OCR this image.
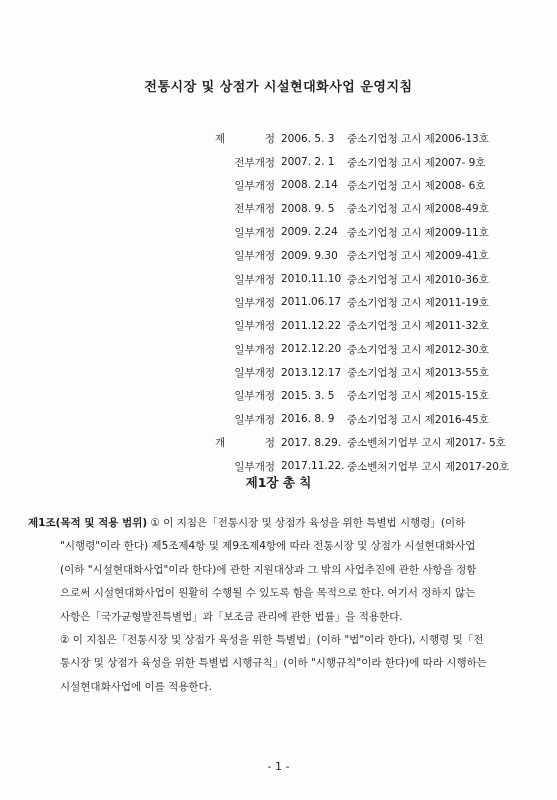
전통시장 및 상점가 시설현대화사업 운영지침
제 정 2006. 5. 3	중소기업청 고시 제2006-13호
전부개정 2007. 2. 1	중소기업청 고시 제2007- 9호
일부개정 2008. 2.14 중소기업청 고시 제2008- 6호
전부개정 2008. 9. 5	중소기업청 고시 제2008-49호
일부개정 2009. 2.24 중소기업청 고시 제2009-11호
일부개정 2009. 9.30 중소기업청 고시 제2009-41호
일부개정 2010.11.10 중소기업청 고시 제2010-36호
일부개정 2011.06.17 중소기업청 고시 제2011-19호
일부개정 2011.12.22 중소기업청 고시 제2011-32호
일부개정 2012.12.20 중소기업청 고시 제2012-30호
일부개정 2013.12.17 중소기업청 고시 제2013-55호
일부개정 2015. 3. 5	중소기업청 고시 제2015-15호
일부개정 2016. 8. 9	중소기업청 고시 제2016-45호
개 정 2017. 8.29. 중소벤처기업부 고시 제2017- 5호
일부개정 2017.11.22. 중소벤처기업부 고시 제2017-20호
제1장 총 칙

제1조(목적 및 적용 범위) ① 이 지침은「전통시장 및 상점가 육성을 위한 특별법 시행령」(이하

"시행령"이라 한다) 제5조제4항 및 제9조제4항에 따라 전통시장 및 상점가 시설현대화사업

(이하 "시설현대화사업"이라 한다)에 관한 지원대상과 그 밖의 사업추진에 관한 사항을 정함

으로써 시설현대화사업이 원활히 수행될 수 있도록 함을 목적으로 한다. 여기서 정하지 않는

사항은「국가균형발전특별법」과「보조금 관리에 관한 법률」을 적용한다.

② 이 지침은「전통시장 및 상점가 육성을 위한 특별법」(이하 "법"이라 한다), 시행령 및「전

통시장 및 상점가 육성을 위한 특별법 시행규칙」(이하 "시행규칙"이라 한다)에 따라 시행하는

시설현대화사업에 이를 적용한다.

- 1 -
